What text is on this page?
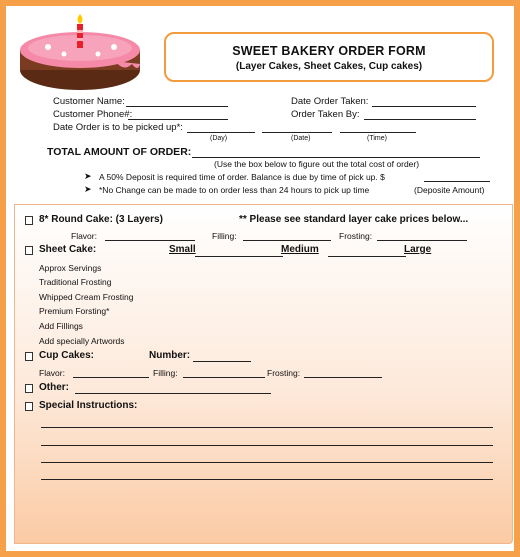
SWEET BAKERY ORDER FORM
(Layer Cakes, Sheet Cakes, Cup cakes)
Customer Name:
Customer Phone#:
Date Order is to be picked up*:
(Day)	(Date)	(Time)
Date Order Taken:
Order Taken By:
TOTAL AMOUNT OF ORDER:
(Use the box below to figure out the total cost of order)
➤ A 50% Deposit is required time of order. Balance is due by time of pick up. $
➤ *No Change can be made to on order less than 24 hours to pick up time	(Deposite Amount)
8* Round Cake: (3 Layers)	** Please see standard layer cake prices below...
Flavor:	Filling:	Frosting:
Sheet Cake:	Small	Medium	Large
Approx Servings
Traditional Frosting
Whipped Cream Frosting
Premium Forsting*
Add Fillings
Add specially Artwords
Cup Cakes:	Number:
Flavor:	Filling:	Frosting:
Other:
Special Instructions:
